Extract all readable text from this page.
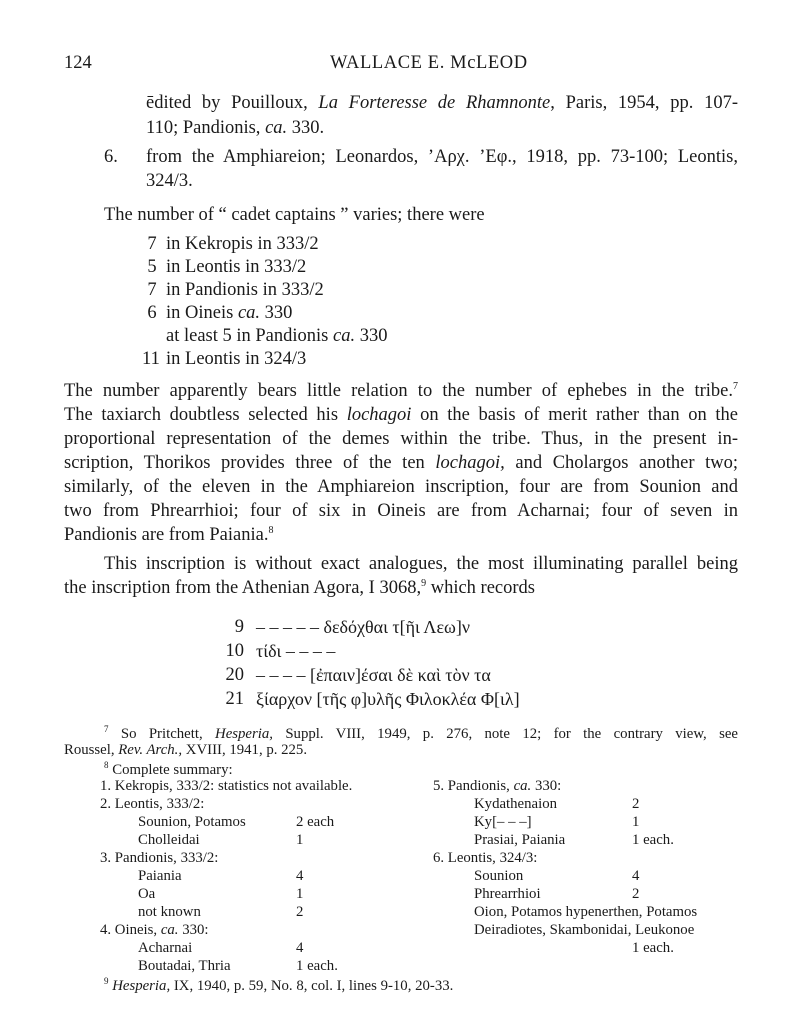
124	WALLACE E. McLEOD
ēdited by Pouilloux, La Forteresse de Rhamnonte, Paris, 1954, pp. 107-
110; Pandionis, ca. 330.
6. from the Amphiareion; Leonardos, ʼΑρχ. ʼΕφ., 1918, pp. 73-100; Leontis,
324/3.
The number of “ cadet captains ” varies; there were
7 in Kekropis in 333/2
5 in Leontis in 333/2
7 in Pandionis in 333/2
6 in Oineis ca. 330
at least 5 in Pandionis ca. 330
11 in Leontis in 324/3
The number apparently bears little relation to the number of ephebes in the tribe.$^7$
The taxiarch doubtless selected his lochagoi on the basis of merit rather than on the
proportional representation of the demes within the tribe. Thus, in the present in-
scription, Thorikos provides three of the ten lochagoi, and Cholargos another two;
similarly, of the eleven in the Amphiareion inscription, four are from Sounion and
two from Phrearrhioi; four of six in Oineis are from Acharnai; four of seven in
Pandionis are from Paiania.$^8$
This inscription is without exact analogues, the most illuminating parallel being
the inscription from the Athenian Agora, I 3068,$^9$ which records
9 – – – – – δεδόχθαι τ[ῆι Λεω]ν
10 τίδι – – – –
20 – – – – [ἐπαιν]έσαι δὲ καὶ τὸν τα
21 ξίαρχον [τῆς φ]υλῆς Φιλοκλέα Φ[ιλ]
$^7$ So Pritchett, Hesperia, Suppl. VIII, 1949, p. 276, note 12; for the contrary view, see
Roussel, Rev. Arch., XVIII, 1941, p. 225.
$^8$ Complete summary:
1. Kekropis, 333/2: statistics not available.
2. Leontis, 333/2:
Sounion, Potamos	2 each
Cholleidai	1
3. Pandionis, 333/2:
Paiania	4
Oa	1
not known	2
4. Oineis, ca. 330:
Acharnai	4
Boutadai, Thria	1 each.
5. Pandionis, ca. 330:
Kydathenaion	2
Ky[– – –]	1
Prasiai, Paiania	1 each.
6. Leontis, 324/3:
Sounion	4
Phrearrhioi	2
Oion, Potamos hypenerthen, Potamos
Deiradiotes, Skambonidai, Leukonoe
1 each.
$^9$ Hesperia, IX, 1940, p. 59, No. 8, col. I, lines 9-10, 20-33.
